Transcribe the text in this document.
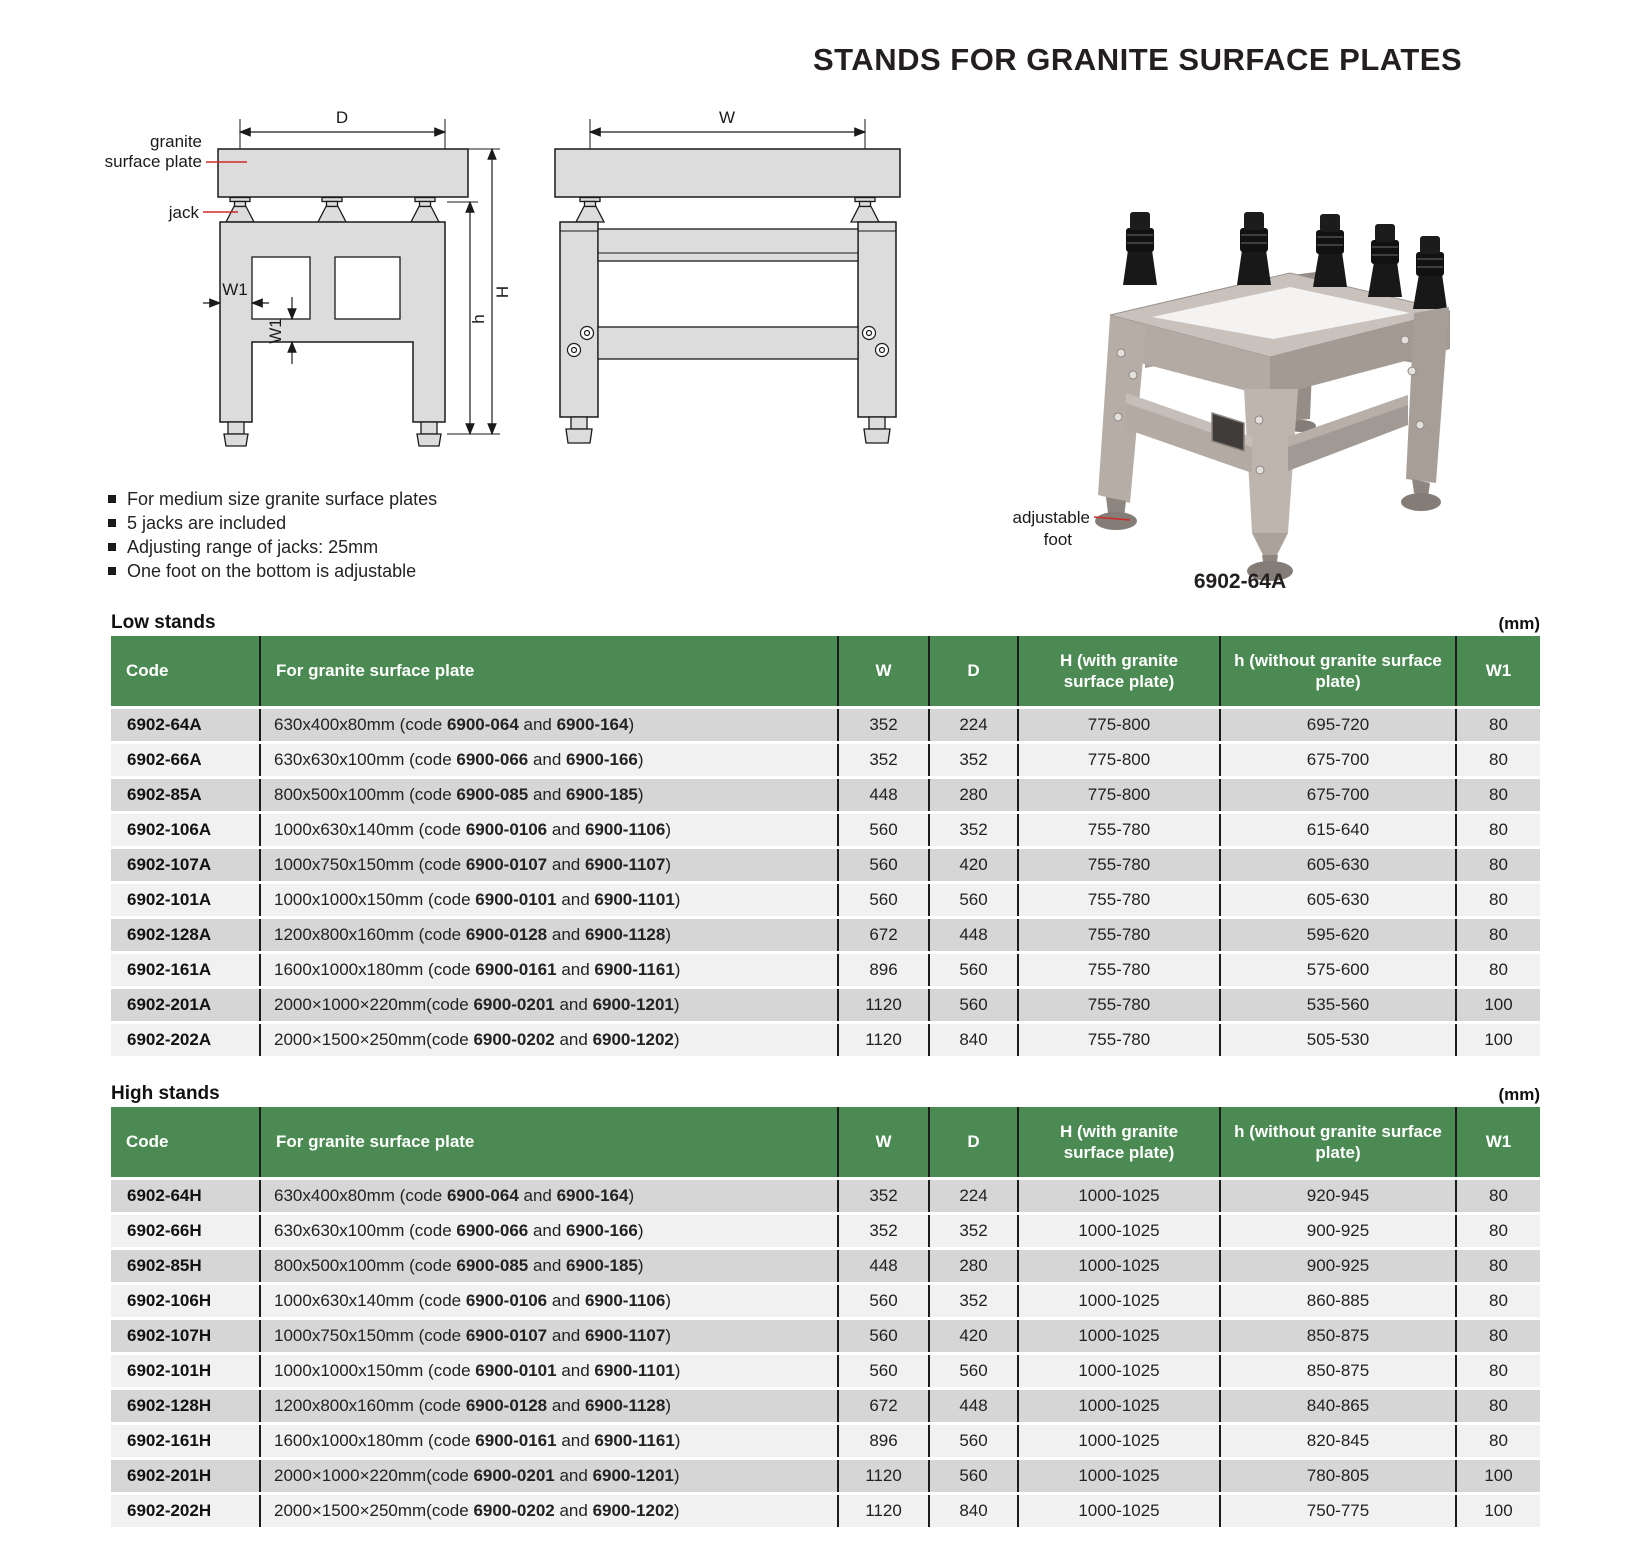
STANDS FOR GRANITE SURFACE PLATES
D
granite
surface plate
jack
W1
W1	h
H
W
adjustable
foot
6902-64A
For medium size granite surface plates
5 jacks are included
Adjusting range of jacks: 25mm
One foot on the bottom is adjustable
Low stands	(mm)
Code	For granite surface plate	W	D	H (with granite surface plate)	h (without granite surface plate)	W1
6902-64A	630x400x80mm (code 6900-064 and 6900-164)	352	224	775-800	695-720	80
6902-66A	630x630x100mm (code 6900-066 and 6900-166)	352	352	775-800	675-700	80
6902-85A	800x500x100mm (code 6900-085 and 6900-185)	448	280	775-800	675-700	80
6902-106A	1000x630x140mm (code 6900-0106 and 6900-1106)	560	352	755-780	615-640	80
6902-107A	1000x750x150mm (code 6900-0107 and 6900-1107)	560	420	755-780	605-630	80
6902-101A	1000x1000x150mm (code 6900-0101 and 6900-1101)	560	560	755-780	605-630	80
6902-128A	1200x800x160mm (code 6900-0128 and 6900-1128)	672	448	755-780	595-620	80
6902-161A	1600x1000x180mm (code 6900-0161 and 6900-1161)	896	560	755-780	575-600	80
6902-201A	2000×1000×220mm(code 6900-0201 and 6900-1201)	1120	560	755-780	535-560	100
6902-202A	2000×1500×250mm(code 6900-0202 and 6900-1202)	1120	840	755-780	505-530	100
High stands	(mm)
Code	For granite surface plate	W	D	H (with granite surface plate)	h (without granite surface plate)	W1
6902-64H	630x400x80mm (code 6900-064 and 6900-164)	352	224	1000-1025	920-945	80
6902-66H	630x630x100mm (code 6900-066 and 6900-166)	352	352	1000-1025	900-925	80
6902-85H	800x500x100mm (code 6900-085 and 6900-185)	448	280	1000-1025	900-925	80
6902-106H	1000x630x140mm (code 6900-0106 and 6900-1106)	560	352	1000-1025	860-885	80
6902-107H	1000x750x150mm (code 6900-0107 and 6900-1107)	560	420	1000-1025	850-875	80
6902-101H	1000x1000x150mm (code 6900-0101 and 6900-1101)	560	560	1000-1025	850-875	80
6902-128H	1200x800x160mm (code 6900-0128 and 6900-1128)	672	448	1000-1025	840-865	80
6902-161H	1600x1000x180mm (code 6900-0161 and 6900-1161)	896	560	1000-1025	820-845	80
6902-201H	2000×1000×220mm(code 6900-0201 and 6900-1201)	1120	560	1000-1025	780-805	100
6902-202H	2000×1500×250mm(code 6900-0202 and 6900-1202)	1120	840	1000-1025	750-775	100
